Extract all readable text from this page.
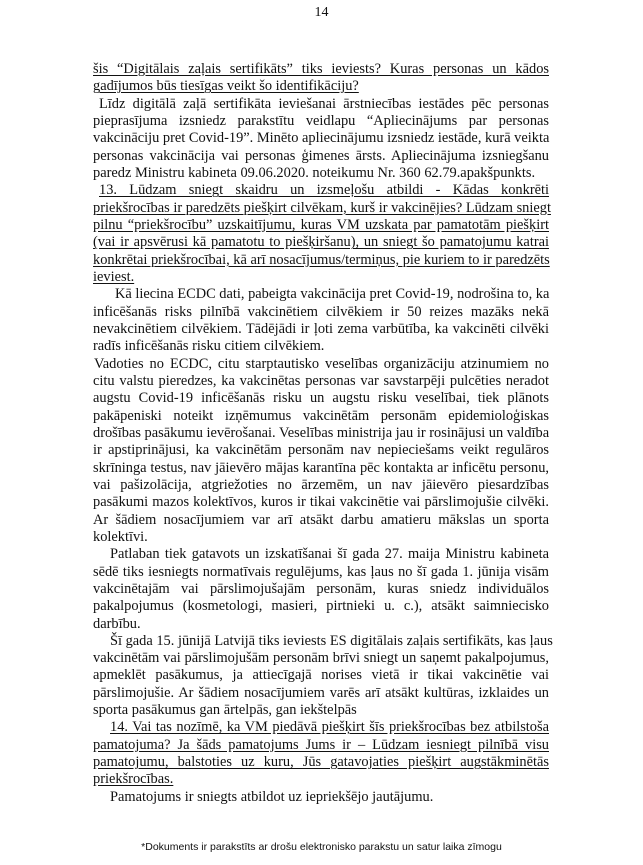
14
šis “Digitālais zaļais sertifikāts” tiks ieviests? Kuras personas un kādos
gadījumos būs tiesīgas veikt šo identifikāciju?
Līdz digitālā zaļā sertifikāta ieviešanai ārstniecības iestādes pēc personas
pieprasījuma izsniedz parakstītu veidlapu “Apliecinājums par personas
vakcināciju pret Covid-19”. Minēto apliecinājumu izsniedz iestāde, kurā veikta
personas vakcinācija vai personas ģimenes ārsts. Apliecinājuma izsniegšanu
paredz Ministru kabineta 09.06.2020. noteikumu Nr. 360 62.79.apakšpunkts.
13. Lūdzam sniegt skaidru un izsmeļošu atbildi - Kādas konkrēti
priekšrocības ir paredzēts piešķirt cilvēkam, kurš ir vakcinējies? Lūdzam sniegt
pilnu “priekšrocību” uzskaitījumu, kuras VM uzskata par pamatotām piešķirt
(vai ir apsvērusi kā pamatotu to piešķiršanu), un sniegt šo pamatojumu katrai
konkrētai priekšrocībai, kā arī nosacījumus/termiņus, pie kuriem to ir paredzēts
ieviest.
Kā liecina ECDC dati, pabeigta vakcinācija pret Covid-19, nodrošina to, ka
inficēšanās risks pilnībā vakcinētiem cilvēkiem ir 50 reizes mazāks nekā
nevakcinētiem cilvēkiem. Tādējādi ir ļoti zema varbūtība, ka vakcinēti cilvēki
radīs inficēšanās risku citiem cilvēkiem.
Vadoties no ECDC, citu starptautisko veselības organizāciju atzinumiem no
citu valstu pieredzes, ka vakcinētas personas var savstarpēji pulcēties neradot
augstu Covid-19 inficēšanās risku un augstu risku veselībai, tiek plānots
pakāpeniski noteikt izņēmumus vakcinētām personām epidemioloģiskas
drošības pasākumu ievērošanai. Veselības ministrija jau ir rosinājusi un valdība
ir apstiprinājusi, ka vakcinētām personām nav nepieciešams veikt regulāros
skrīninga testus, nav jāievēro mājas karantīna pēc kontakta ar inficētu personu,
vai pašizolācija, atgriežoties no ārzemēm, un nav jāievēro piesardzības
pasākumi mazos kolektīvos, kuros ir tikai vakcinētie vai pārslimojušie cilvēki.
Ar šādiem nosacījumiem var arī atsākt darbu amatieru mākslas un sporta
kolektīvi.
Patlaban tiek gatavots un izskatīšanai šī gada 27. maija Ministru kabineta
sēdē tiks iesniegts normatīvais regulējums, kas ļaus no šī gada 1. jūnija visām
vakcinētajām vai pārslimojušajām personām, kuras sniedz individuālos
pakalpojumus (kosmetologi, masieri, pirtnieki u. c.), atsākt saimniecisko
darbību.
Šī gada 15. jūnijā Latvijā tiks ieviests ES digitālais zaļais sertifikāts, kas ļaus
vakcinētām vai pārslimojušām personām brīvi sniegt un saņemt pakalpojumus,
apmeklēt pasākumus, ja attiecīgajā norises vietā ir tikai vakcinētie vai
pārslimojušie. Ar šādiem nosacījumiem varēs arī atsākt kultūras, izklaides un
sporta pasākumus gan ārtelpās, gan iekštelpās
14. Vai tas nozīmē, ka VM piedāvā piešķirt šīs priekšrocības bez atbilstoša
pamatojuma? Ja šāds pamatojums Jums ir – Lūdzam iesniegt pilnībā visu
pamatojumu, balstoties uz kuru, Jūs gatavojaties piešķirt augstākminētās
priekšrocības.
Pamatojums ir sniegts atbildot uz iepriekšējo jautājumu.
*Dokuments ir parakstīts ar drošu elektronisko parakstu un satur laika zīmogu
